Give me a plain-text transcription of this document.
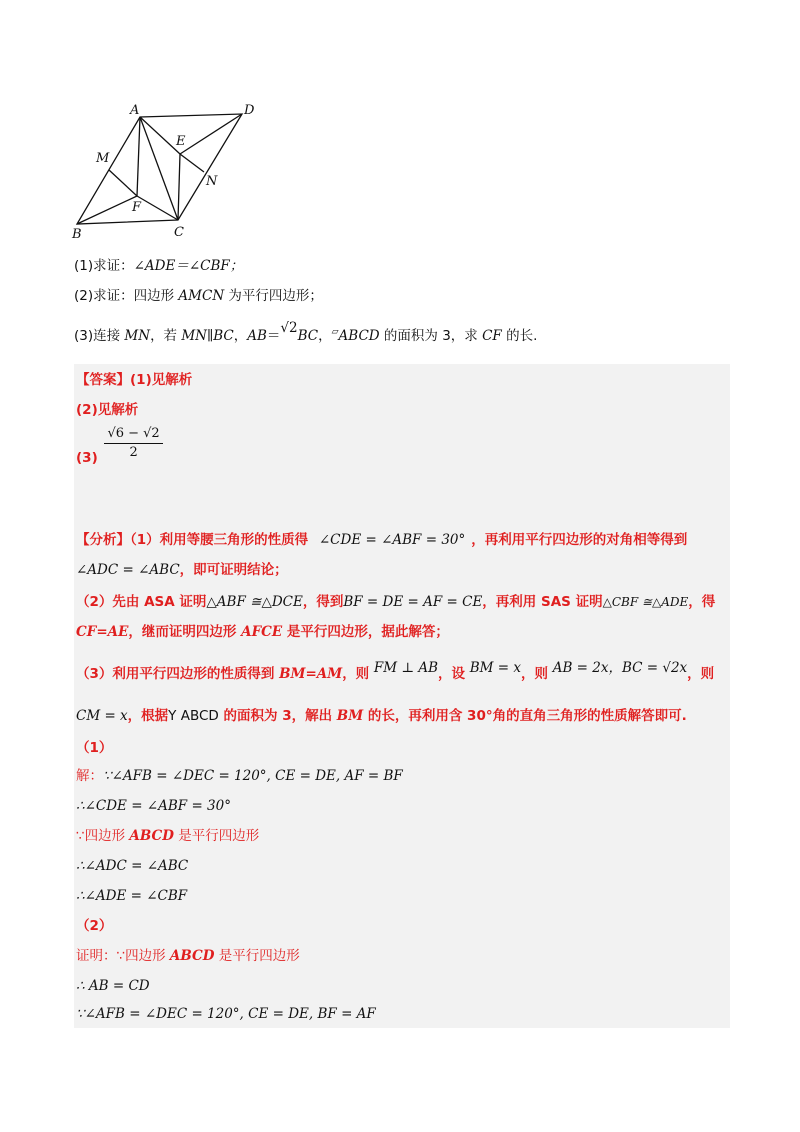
A	D
E
M
N
F
B	C
(1)求证：∠ADE＝∠CBF；
(2)求证：四边形 AMCN 为平行四边形；
(3)连接 MN，若 MN∥BC，AB＝√2BC，▱ABCD 的面积为 3，求 CF 的长.
【答案】(1)见解析
(2)见解析
$(3) \frac{√6 - √2}{2}$
【分析】（1）利用等腰三角形的性质得 ∠CDE = ∠ABF = 30° ，再利用平行四边形的对角相等得到
∠ADC = ∠ABC，即可证明结论；
（2）先由 ASA 证明△ABF ≅△DCE，得到BF = DE = AF = CE，再利用 SAS 证明△CBF ≅△ADE，得
CF=AE，继而证明四边形 AFCE 是平行四边形，据此解答；
（3）利用平行四边形的性质得到 BM=AM，则 FM ⊥ AB，设 BM = x，则 AB = 2x，BC = √2x，则
CM = x，根据Y ABCD 的面积为 3，解出 BM 的长，再利用含 30°角的直角三角形的性质解答即可.
（1）
解：∵∠AFB = ∠DEC = 120°, CE = DE, AF = BF
∴∠CDE = ∠ABF = 30°
∵四边形 ABCD 是平行四边形
∴∠ADC = ∠ABC
∴∠ADE = ∠CBF
（2）
证明：∵四边形 ABCD 是平行四边形
∴ AB = CD
∵∠AFB = ∠DEC = 120°, CE = DE, BF = AF
